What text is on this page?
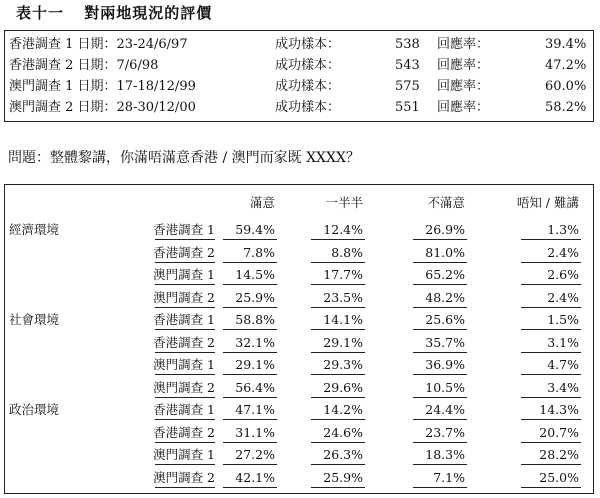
表十一 對兩地現況的評價
香港調查 1 日期：23-24/6/97	成功樣本：	538 回應率：	39.4%
香港調查 2 日期：7/6/98	成功樣本：	543 回應率：	47.2%
澳門調查 1 日期：17-18/12/99	成功樣本：	575 回應率：	60.0%
澳門調查 2 日期：28-30/12/00	成功樣本：	551 回應率：	58.2%
問題：整體黎講，你滿唔滿意香港 / 澳門而家既 XXXX？
滿意	一半半	不滿意	唔知 / 難講
經濟環境	香港調查 1	59.4%	12.4%	26.9%	1.3%
香港調查 2	7.8%	8.8%	81.0%	2.4%
澳門調查 1	14.5%	17.7%	65.2%	2.6%
澳門調查 2	25.9%	23.5%	48.2%	2.4%
社會環境	香港調查 1	58.8%	14.1%	25.6%	1.5%
香港調查 2	32.1%	29.1%	35.7%	3.1%
澳門調查 1	29.1%	29.3%	36.9%	4.7%
澳門調查 2	56.4%	29.6%	10.5%	3.4%
政治環境	香港調查 1	47.1%	14.2%	24.4%	14.3%
香港調查 2	31.1%	24.6%	23.7%	20.7%
澳門調查 1	27.2%	26.3%	18.3%	28.2%
澳門調查 2	42.1%	25.9%	7.1%	25.0%
